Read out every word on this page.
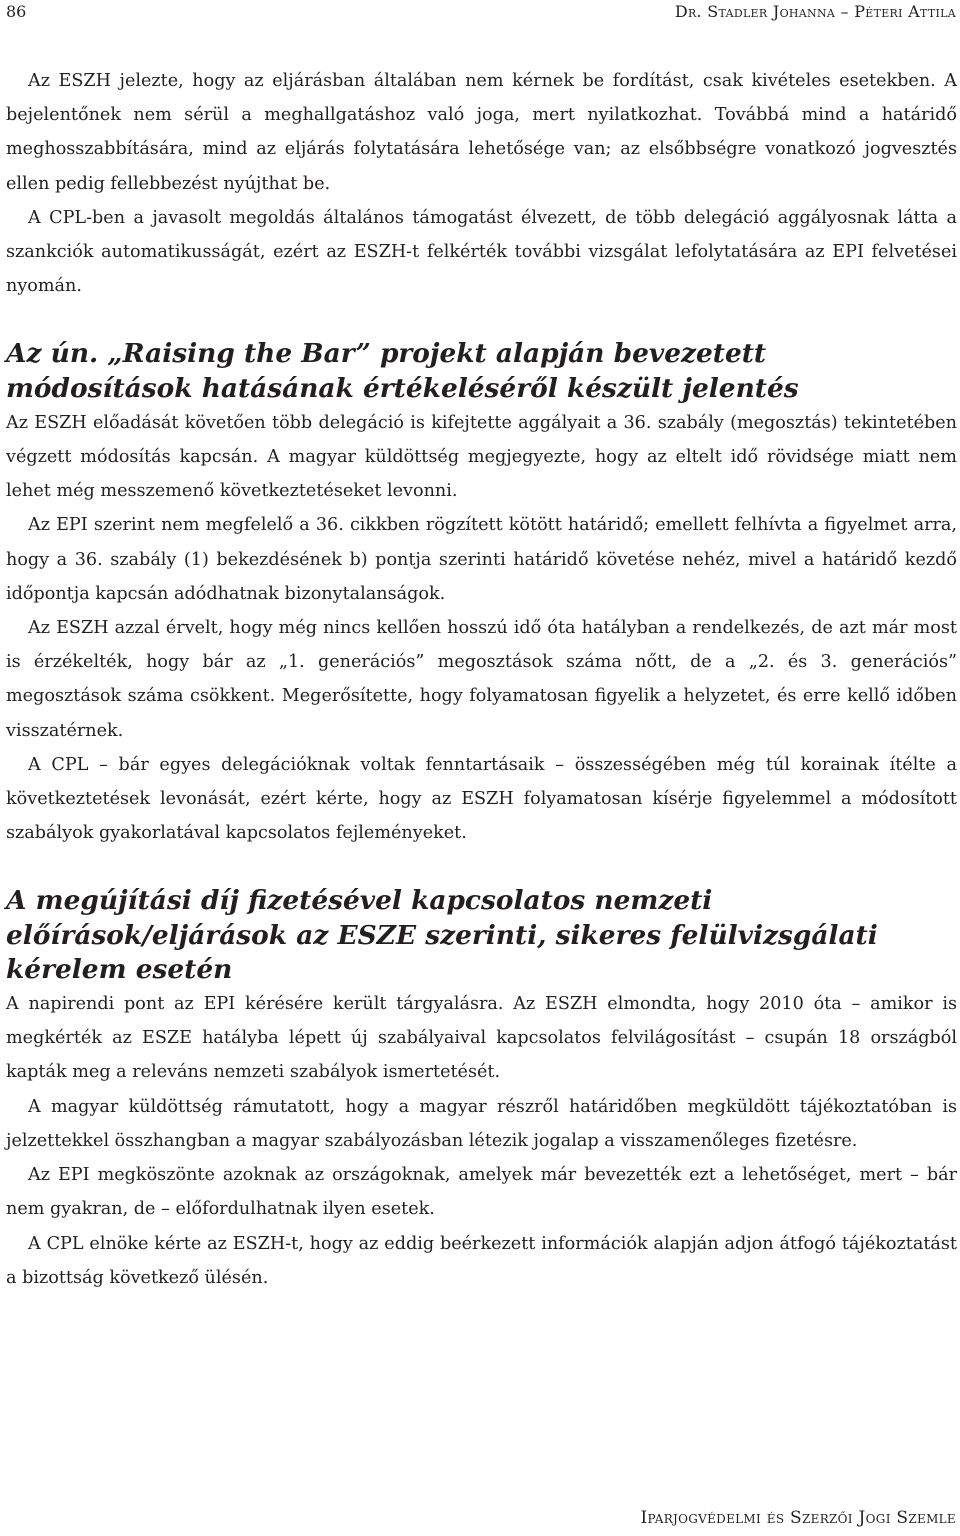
86	Dr. Stadler Johanna – Péteri Attila

Az ESZH jelezte, hogy az eljárásban általában nem kérnek be fordítást, csak kivételes esetekben. A bejelentőnek nem sérül a meghallgatáshoz való joga, mert nyilatkozhat. Továbbá mind a határidő meghosszabbítására, mind az eljárás folytatására lehetősége van; az elsőbbségre vonatkozó jogvesztés ellen pedig fellebbezést nyújthat be.

A CPL-ben a javasolt megoldás általános támogatást élvezett, de több delegáció aggályosnak látta a szankciók automatikusságát, ezért az ESZH-t felkérték további vizsgálat lefolytatására az EPI felvetései nyomán.

Az ún. „Raising the Bar” projekt alapján bevezetett módosítások hatásának értékeléséről készült jelentés

Az ESZH előadását követően több delegáció is kifejtette aggályait a 36. szabály (megosztás) tekintetében végzett módosítás kapcsán. A magyar küldöttség megjegyezte, hogy az eltelt idő rövidsége miatt nem lehet még messzemenő következtetéseket levonni.

Az EPI szerint nem megfelelő a 36. cikkben rögzített kötött határidő; emellett felhívta a figyelmet arra, hogy a 36. szabály (1) bekezdésének b) pontja szerinti határidő követése nehéz, mivel a határidő kezdő időpontja kapcsán adódhatnak bizonytalanságok.

Az ESZH azzal érvelt, hogy még nincs kellően hosszú idő óta hatályban a rendelkezés, de azt már most is érzékelték, hogy bár az „1. generációs” megosztások száma nőtt, de a „2. és 3. generációs” megosztások száma csökkent. Megerősítette, hogy folyamatosan figyelik a helyzetet, és erre kellő időben visszatérnek.

A CPL – bár egyes delegációknak voltak fenntartásaik – összességében még túl korainak ítélte a következtetések levonását, ezért kérte, hogy az ESZH folyamatosan kísérje figyelemmel a módosított szabályok gyakorlatával kapcsolatos fejleményeket.

A megújítási díj fizetésével kapcsolatos nemzeti előírások/eljárások az ESZE szerinti, sikeres felülvizsgálati kérelem esetén

A napirendi pont az EPI kérésére került tárgyalásra. Az ESZH elmondta, hogy 2010 óta – amikor is megkérték az ESZE hatályba lépett új szabályaival kapcsolatos felvilágosítást – csupán 18 országból kapták meg a releváns nemzeti szabályok ismertetését.

A magyar küldöttség rámutatott, hogy a magyar részről határidőben megküldött tájékoztatóban is jelzettekkel összhangban a magyar szabályozásban létezik jogalap a visszamenőleges fizetésre.

Az EPI megköszönte azoknak az országoknak, amelyek már bevezették ezt a lehetőséget, mert – bár nem gyakran, de – előfordulhatnak ilyen esetek.

A CPL elnöke kérte az ESZH-t, hogy az eddig beérkezett információk alapján adjon átfogó tájékoztatást a bizottság következő ülésén.

Iparjogvédelmi és Szerzői Jogi Szemle
